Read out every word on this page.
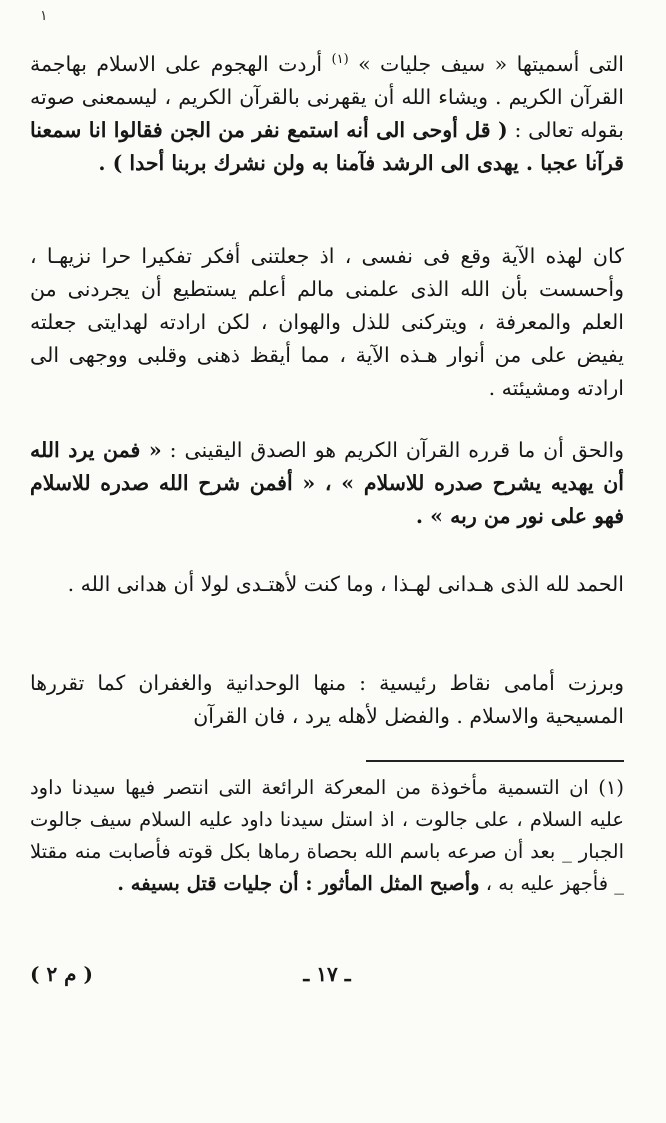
١

التى أسميتها « سيف جليات » $^{(١)}$ أردت الهجوم على الاسلام بهاجمة القرآن الكريم . ويشاء الله أن يقهرنى بالقرآن الكريم ، ليسمعنى صوته بقوله تعالى : ( قل أوحى الى أنه استمع نفر من الجن فقالوا انا سمعنا قرآنا عجبا . يهدى الى الرشد فآمنا به ولن نشرك بربنا أحدا ) .

كان لهذه الآية وقع فى نفسى ، اذ جعلتنى أفكر تفكيرا حرا نزيهـا ، وأحسست بأن الله الذى علمنى مالم أعلم يستطيع أن يجردنى من العلم والمعرفة ، ويتركنى للذل والهوان ، لكن ارادته لهدايتى جعلته يفيض على من أنوار هـذه الآية ، مما أيقظ ذهنى وقلبى ووجهى الى ارادته ومشيئته .

والحق أن ما قرره القرآن الكريم هو الصدق اليقينى : « فمن يرد الله أن يهديه يشرح صدره للاسلام » ، « أفمن شرح الله صدره للاسلام فهو على نور من ربه » .

الحمد لله الذى هـدانى لهـذا ، وما كنت لأهتـدى لولا أن هدانى الله .

وبرزت أمامى نقاط رئيسية : منها الوحدانية والغفران كما تقررها المسيحية والاسلام . والفضل لأهله يرد ، فان القرآن

(١) ان التسمية مأخوذة من المعركة الرائعة التى انتصر فيها سيدنا داود عليه السلام ، على جالوت ، اذ استل سيدنا داود عليه السلام سيف جالوت الجبار _ بعد أن صرعه باسم الله بحصاة رماها بكل قوته فأصابت منه مقتلا _ فأجهز عليه به ، وأصبح المثل المأثور : أن جليات قتل بسيفه .

ـ ١٧ ـ
( م ٢ )
